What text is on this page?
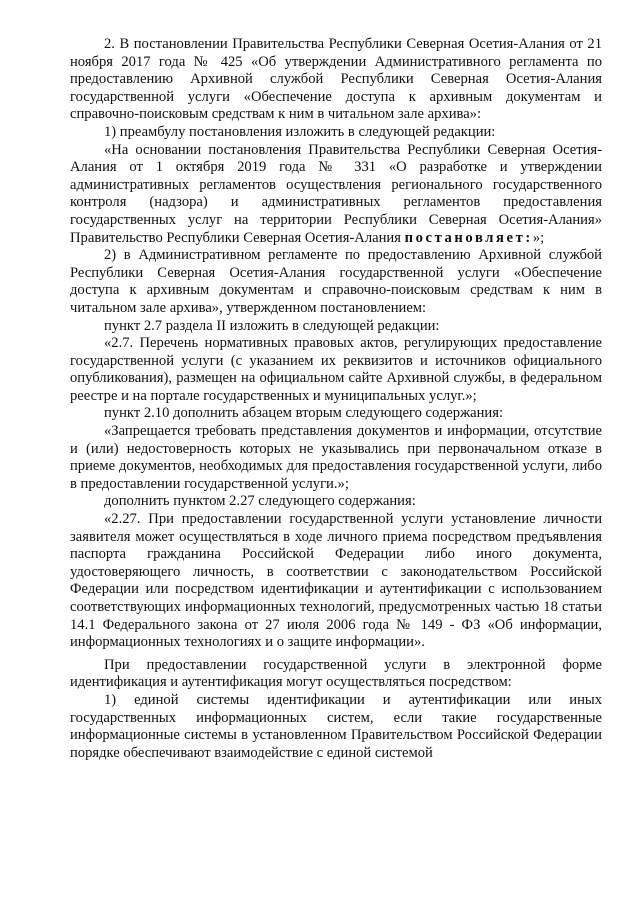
2. В постановлении Правительства Республики Северная Осетия-Алания от 21 ноября 2017 года № 425 «Об утверждении Административного регламента по предоставлению Архивной службой Республики Северная Осетия-Алания государственной услуги «Обеспечение доступа к архивным документам и справочно-поисковым средствам к ним в читальном зале архива»:

1) преамбулу постановления изложить в следующей редакции:

«На основании постановления Правительства Республики Северная Осетия-Алания от 1 октября 2019 года № 331 «О разработке и утверждении административных регламентов осуществления регионального государственного контроля (надзора) и административных регламентов предоставления государственных услуг на территории Республики Северная Осетия-Алания» Правительство Республики Северная Осетия-Алания постановляет:»;

2) в Административном регламенте по предоставлению Архивной службой Республики Северная Осетия-Алания государственной услуги «Обеспечение доступа к архивным документам и справочно-поисковым средствам к ним в читальном зале архива», утвержденном постановлением:

пункт 2.7 раздела II изложить в следующей редакции:

«2.7. Перечень нормативных правовых актов, регулирующих предоставление государственной услуги (с указанием их реквизитов и источников официального опубликования), размещен на официальном сайте Архивной службы, в федеральном реестре и на портале государственных и муниципальных услуг.»;

пункт 2.10 дополнить абзацем вторым следующего содержания:

«Запрещается требовать представления документов и информации, отсутствие и (или) недостоверность которых не указывались при первоначальном отказе в приеме документов, необходимых для предоставления государственной услуги, либо в предоставлении государственной услуги.»;

дополнить пунктом 2.27 следующего содержания:

«2.27. При предоставлении государственной услуги установление личности заявителя может осуществляться в ходе личного приема посредством предъявления паспорта гражданина Российской Федерации либо иного документа, удостоверяющего личность, в соответствии с законодательством Российской Федерации или посредством идентификации и аутентификации с использованием соответствующих информационных технологий, предусмотренных частью 18 статьи 14.1 Федерального закона от 27 июля 2006 года № 149 - ФЗ «Об информации, информационных технологиях и о защите информации».

При предоставлении государственной услуги в электронной форме идентификация и аутентификация могут осуществляться посредством:

1) единой системы идентификации и аутентификации или иных государственных информационных систем, если такие государственные информационные системы в установленном Правительством Российской Федерации порядке обеспечивают взаимодействие с единой системой
